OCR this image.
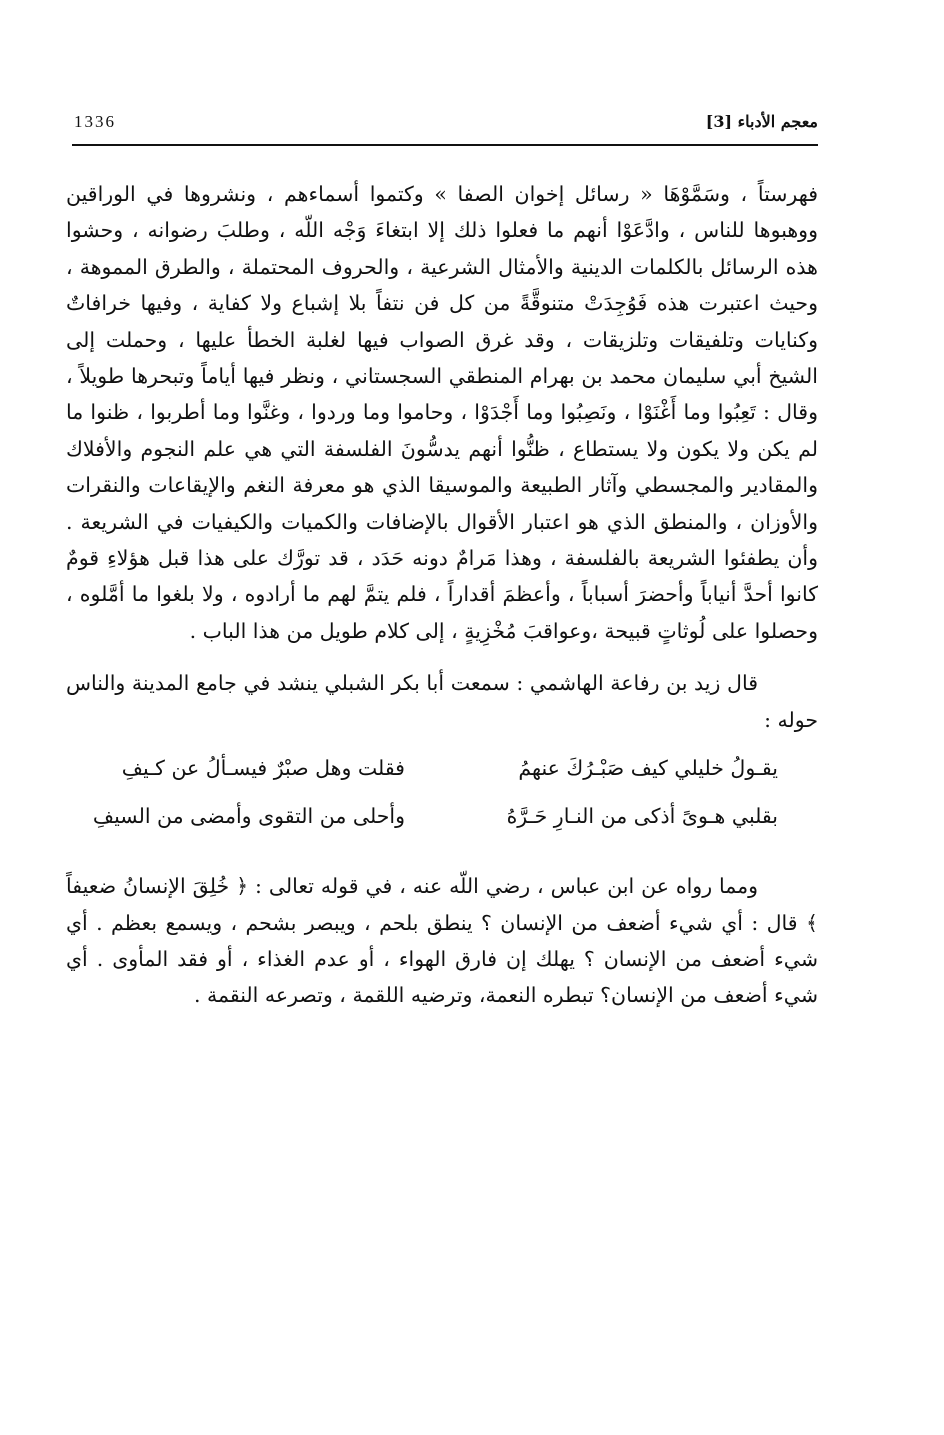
1336	معجم الأدباء [3]

فهرستاً ، وسَمَّوْهَا « رسائل إخوان الصفا » وكتموا أسماءهم ، ونشروها في الوراقين ووهبوها للناس ، وادَّعَوْا أنهم ما فعلوا ذلك إلا ابتغاءَ وَجْه اللّه ، وطلبَ رضوانه ، وحشوا هذه الرسائل بالكلمات الدينية والأمثال الشرعية ، والحروف المحتملة ، والطرق المموهة ، وحيث اعتبرت هذه فَوُجِدَتْ متنوقَّةً من كل فن نتفاً بلا إشباع ولا كفاية ، وفيها خرافاتٌ وكنايات وتلفيقات وتلزيقات ، وقد غرق الصواب فيها لغلبة الخطأ عليها ، وحملت إلى الشيخ أبي سليمان محمد بن بهرام المنطقي السجستاني ، ونظر فيها أياماً وتبحرها طويلاً ، وقال : تَعِبُوا وما أَغْنَوْا ، ونَصِبُوا وما أَجْدَوْا ، وحاموا وما وردوا ، وغنَّوا وما أطربوا ، ظنوا ما لم يكن ولا يكون ولا يستطاع ، ظنُّوا أنهم يدسُّونَ الفلسفة التي هي علم النجوم والأفلاك والمقادير والمجسطي وآثار الطبيعة والموسيقا الذي هو معرفة النغم والإيقاعات والنقرات والأوزان ، والمنطق الذي هو اعتبار الأقوال بالإضافات والكميات والكيفيات في الشريعة . وأن يطفئوا الشريعة بالفلسفة ، وهذا مَرامٌ دونه حَدَد ، قد تورَّك على هذا قبل هؤلاءِ قومٌ كانوا أحدَّ أنياباً وأحضرَ أسباباً ، وأعظمَ أقداراً ، فلم يتمَّ لهم ما أرادوه ، ولا بلغوا ما أمَّلوه ، وحصلوا على لُوثاتٍ قبيحة ،وعواقبَ مُخْزِيةٍ ، إلى كلام طويل من هذا الباب .

قال زيد بن رفاعة الهاشمي : سمعت أبا بكر الشبلي ينشد في جامع المدينة والناس حوله :

يقـولُ خليلي كيف صَبْـرُكَ عنهمُ
فقلت وهل صبْرٌ فيسـألُ عن كـيفِ
بقلبي هـوىً أذكى من النـارِ حَـرَّهُ
وأحلى من التقوى وأمضى من السيفِ

ومما رواه عن ابن عباس ، رضي اللّه عنه ، في قوله تعالى : ﴿ خُلِقَ الإنسانُ ضعيفاً ﴾ قال : أي شيء أضعف من الإنسان ؟ ينطق بلحم ، ويبصر بشحم ، ويسمع بعظم . أي شيء أضعف من الإنسان ؟ يهلك إن فارق الهواء ، أو عدم الغذاء ، أو فقد المأوى . أي شيء أضعف من الإنسان؟ تبطره النعمة، وترضيه اللقمة ، وتصرعه النقمة .
